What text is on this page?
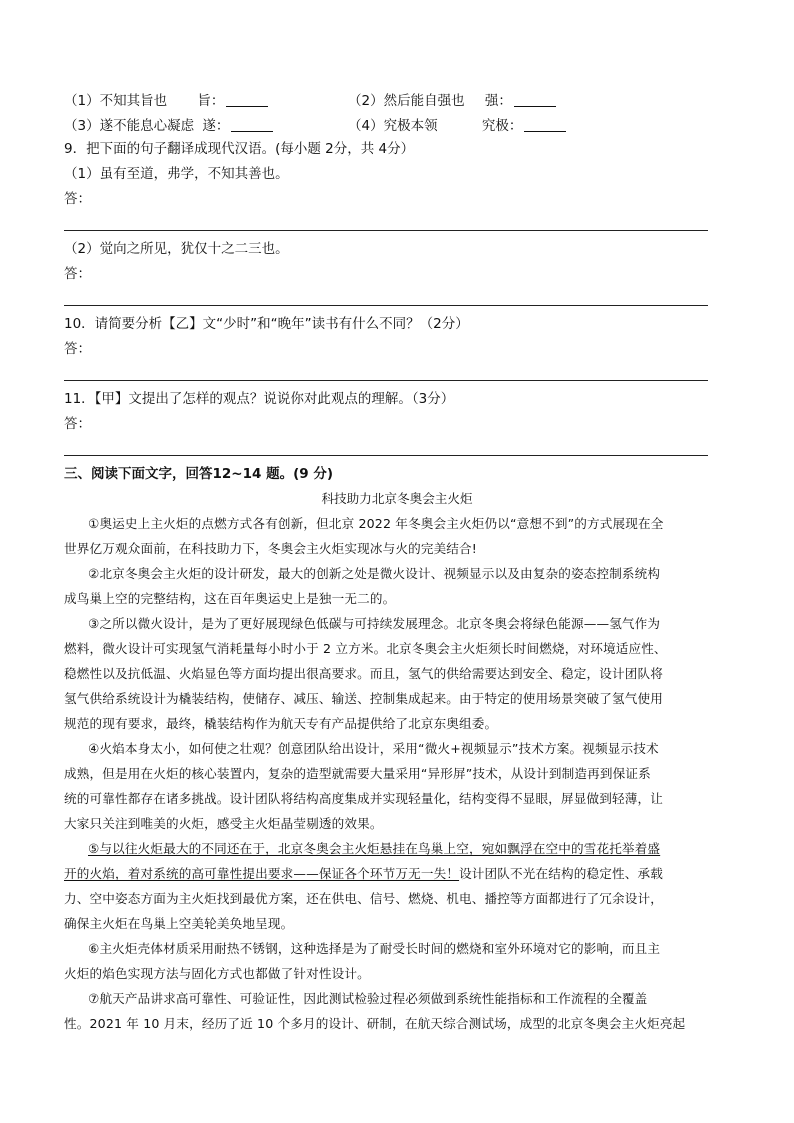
（1）不知其旨也 旨：	（2）然后能自强也 强：
（3）遂不能息心凝虑 遂：	（4）究极本领	究极：
9．把下面的句子翻译成现代汉语。(每小题 2分，共 4分）
（1）虽有至道，弗学，不知其善也。
答：
（2）觉向之所见，犹仅十之二三也。
答：
10．请简要分析【乙】文“少时”和“晚年”读书有什么不同？（2分）
答：
11．【甲】文提出了怎样的观点？说说你对此观点的理解。（3分）
答：
三、阅读下面文字，回答12~14 题。(9 分)
科技助力北京冬奥会主火炬
①奥运史上主火炬的点燃方式各有创新，但北京 2022 年冬奥会主火炬仍以“意想不到”的方式展现在全
世界亿万观众面前，在科技助力下，冬奥会主火炬实现冰与火的完美结合!
②北京冬奥会主火炬的设计研发，最大的创新之处是微火设计、视频显示以及由复杂的姿态控制系统构
成鸟巢上空的完整结构，这在百年奥运史上是独一无二的。
③之所以微火设计，是为了更好展现绿色低碳与可持续发展理念。北京冬奥会将绿色能源——氢气作为
燃料，微火设计可实现氢气消耗量每小时小于 2 立方米。北京冬奥会主火炬须长时间燃烧，对环境适应性、
稳燃性以及抗低温、火焰显色等方面均提出很高要求。而且，氢气的供给需要达到安全、稳定，设计团队将
氢气供给系统设计为橇装结构，使储存、减压、输送、控制集成起来。由于特定的使用场景突破了氢气使用
规范的现有要求，最终，橇装结构作为航天专有产品提供给了北京东奥组委。
④火焰本身太小，如何使之壮观？创意团队给出设计，采用“微火+视频显示”技术方案。视频显示技术
成熟，但是用在火炬的核心装置内，复杂的造型就需要大量采用“异形屏”技术，从设计到制造再到保证系
统的可靠性都存在诸多挑战。设计团队将结构高度集成并实现轻量化，结构变得不显眼，屏显做到轻薄，让
大家只关注到唯美的火炬，感受主火炬晶莹剔透的效果。
⑤与以往火炬最大的不同还在于，北京冬奥会主火炬悬挂在鸟巢上空，宛如飘浮在空中的雪花托举着盛
开的火焰，着对系统的高可靠性提出要求——保证各个环节万无一失！设计团队不光在结构的稳定性、承载
力、空中姿态方面为主火炬找到最优方案，还在供电、信号、燃烧、机电、播控等方面都进行了冗余设计，
确保主火炬在鸟巢上空美轮美奂地呈现。
⑥主火炬壳体材质采用耐热不锈钢，这种选择是为了耐受长时间的燃烧和室外环境对它的影响，而且主
火炬的焰色实现方法与固化方式也都做了针对性设计。
⑦航天产品讲求高可靠性、可验证性，因此测试检验过程必须做到系统性能指标和工作流程的全覆盖
性。2021 年 10 月末，经历了近 10 个多月的设计、研制，在航天综合测试场，成型的北京冬奥会主火炬亮起
